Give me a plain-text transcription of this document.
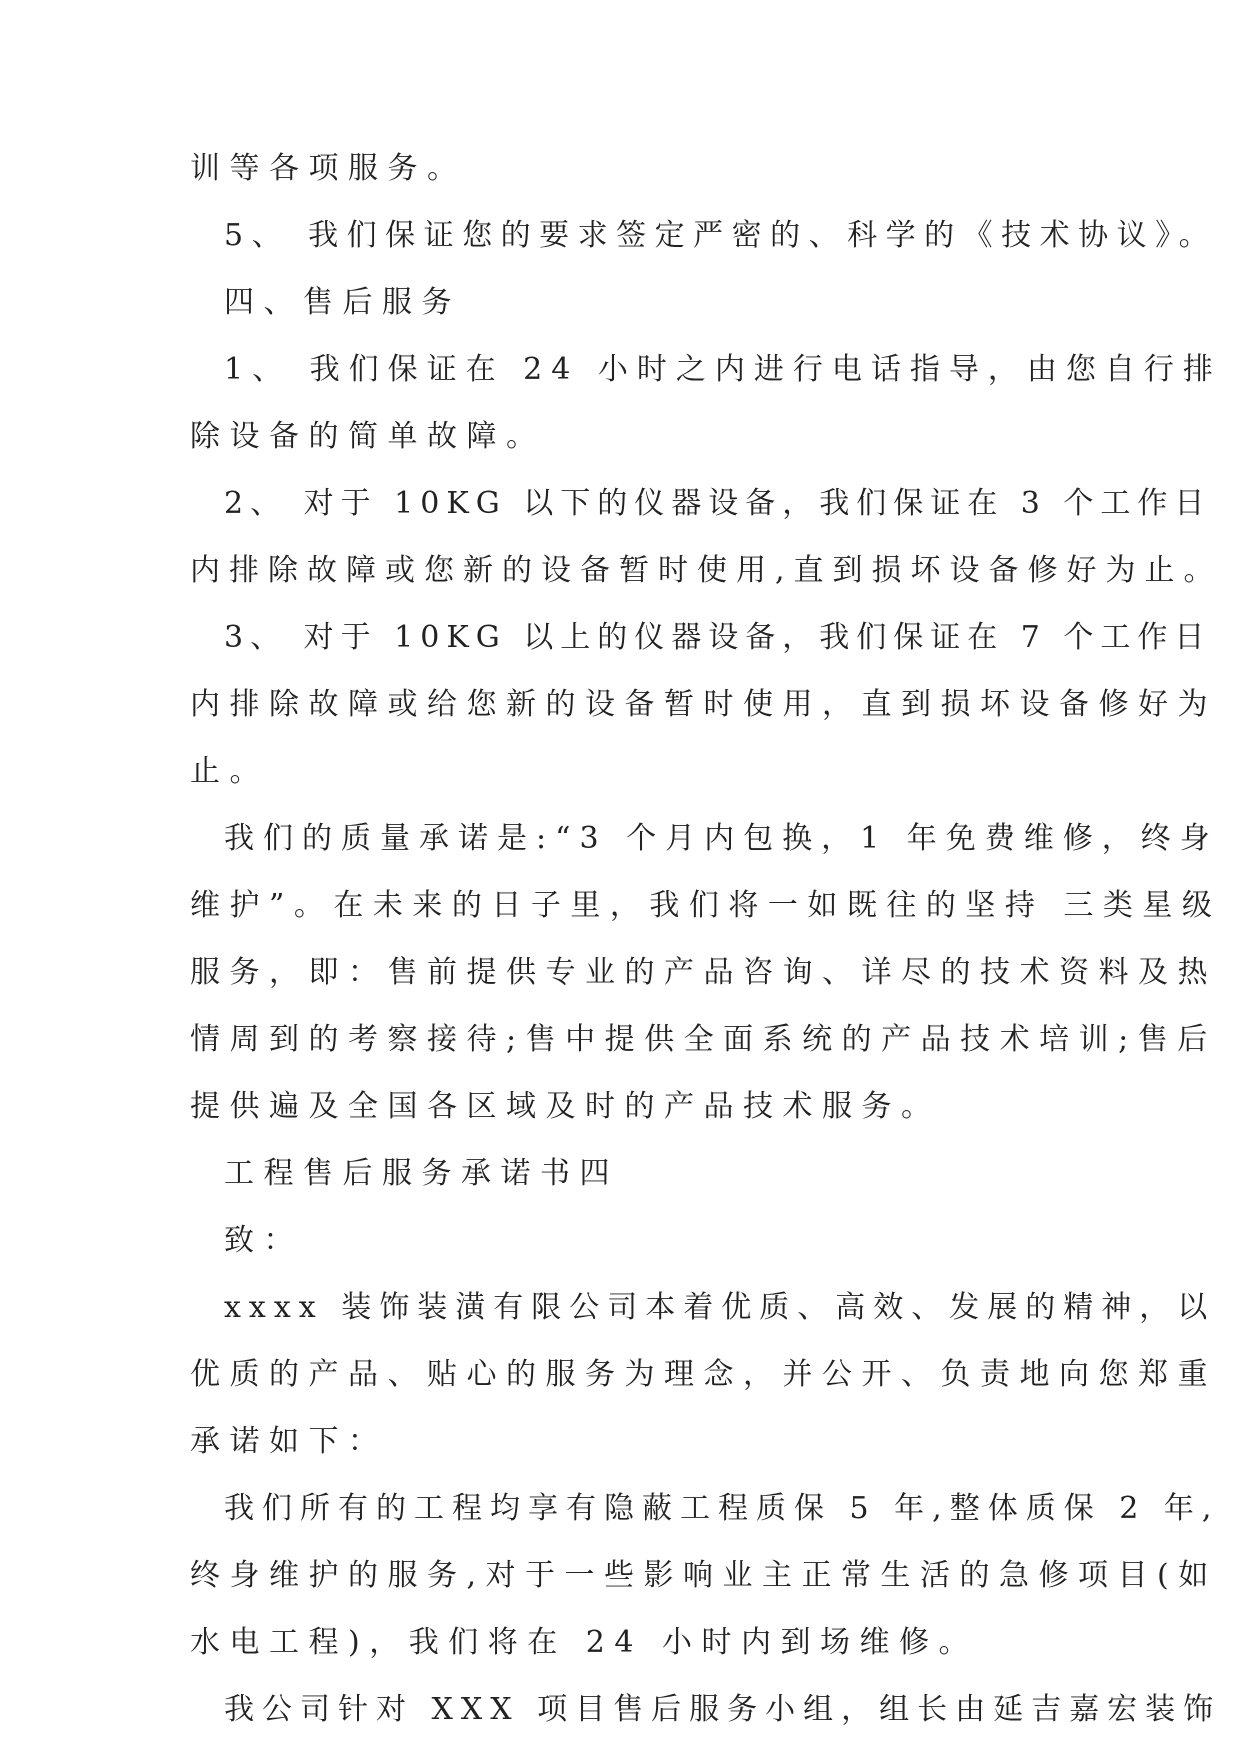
训等各项服务。
5、 我们保证您的要求签定严密的、科学的《技术协议》。
四、售后服务
1、 我们保证在 24 小时之内进行电话指导，由您自行排
除设备的简单故障。
2、 对于 10KG 以下的仪器设备，我们保证在 3 个工作日
内排除故障或您新的设备暂时使用,直到损坏设备修好为止。
3、 对于 10KG 以上的仪器设备，我们保证在 7 个工作日
内排除故障或给您新的设备暂时使用，直到损坏设备修好为
止。
我们的质量承诺是:“3 个月内包换，1 年免费维修，终身
维护”。在未来的日子里，我们将一如既往的坚持 三类星级
服务，即：售前提供专业的产品咨询、详尽的技术资料及热
情周到的考察接待;售中提供全面系统的产品技术培训;售后
提供遍及全国各区域及时的产品技术服务。
工程售后服务承诺书四
致：
xxxx 装饰装潢有限公司本着优质、高效、发展的精神，以
优质的产品、贴心的服务为理念，并公开、负责地向您郑重
承诺如下：
我们所有的工程均享有隐蔽工程质保 5 年,整体质保 2 年,
终身维护的服务,对于一些影响业主正常生活的急修项目(如
水电工程)，我们将在 24 小时内到场维修。
我公司针对 XXX 项目售后服务小组，组长由延吉嘉宏装饰
